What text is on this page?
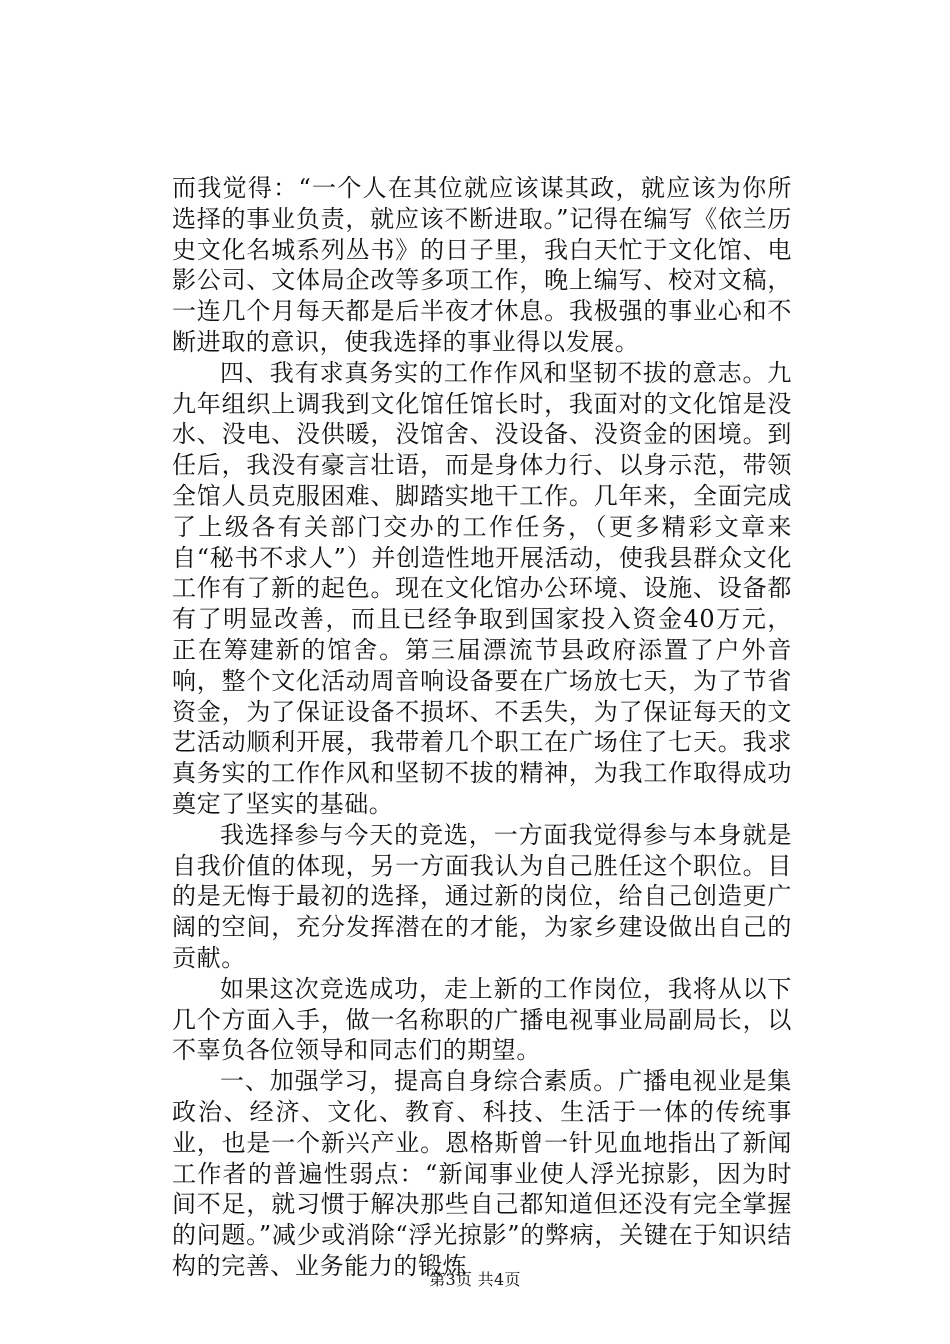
而我觉得：“一个人在其位就应该谋其政，就应该为你所选择的事业负责，就应该不断进取。”记得在编写《依兰历史文化名城系列丛书》的日子里，我白天忙于文化馆、电影公司、文体局企改等多项工作，晚上编写、校对文稿，一连几个月每天都是后半夜才休息。我极强的事业心和不断进取的意识，使我选择的事业得以发展。

四、我有求真务实的工作作风和坚韧不拔的意志。九九年组织上调我到文化馆任馆长时，我面对的文化馆是没水、没电、没供暖，没馆舍、没设备、没资金的困境。到任后，我没有豪言壮语，而是身体力行、以身示范，带领全馆人员克服困难、脚踏实地干工作。几年来，全面完成了上级各有关部门交办的工作任务，（更多精彩文章来自“秘书不求人”）并创造性地开展活动，使我县群众文化工作有了新的起色。现在文化馆办公环境、设施、设备都有了明显改善，而且已经争取到国家投入资金40万元，正在筹建新的馆舍。第三届漂流节县政府添置了户外音响，整个文化活动周音响设备要在广场放七天，为了节省资金，为了保证设备不损坏、不丢失，为了保证每天的文艺活动顺利开展，我带着几个职工在广场住了七天。我求真务实的工作作风和坚韧不拔的精神，为我工作取得成功奠定了坚实的基础。

我选择参与今天的竞选，一方面我觉得参与本身就是自我价值的体现，另一方面我认为自己胜任这个职位。目的是无悔于最初的选择，通过新的岗位，给自己创造更广阔的空间，充分发挥潜在的才能，为家乡建设做出自己的贡献。

如果这次竞选成功，走上新的工作岗位，我将从以下几个方面入手，做一名称职的广播电视事业局副局长，以不辜负各位领导和同志们的期望。

一、加强学习，提高自身综合素质。广播电视业是集政治、经济、文化、教育、科技、生活于一体的传统事业，也是一个新兴产业。恩格斯曾一针见血地指出了新闻工作者的普遍性弱点：“新闻事业使人浮光掠影，因为时间不足，就习惯于解决那些自己都知道但还没有完全掌握的问题。”减少或消除“浮光掠影”的弊病，关键在于知识结构的完善、业务能力的锻炼

第3页 共4页
